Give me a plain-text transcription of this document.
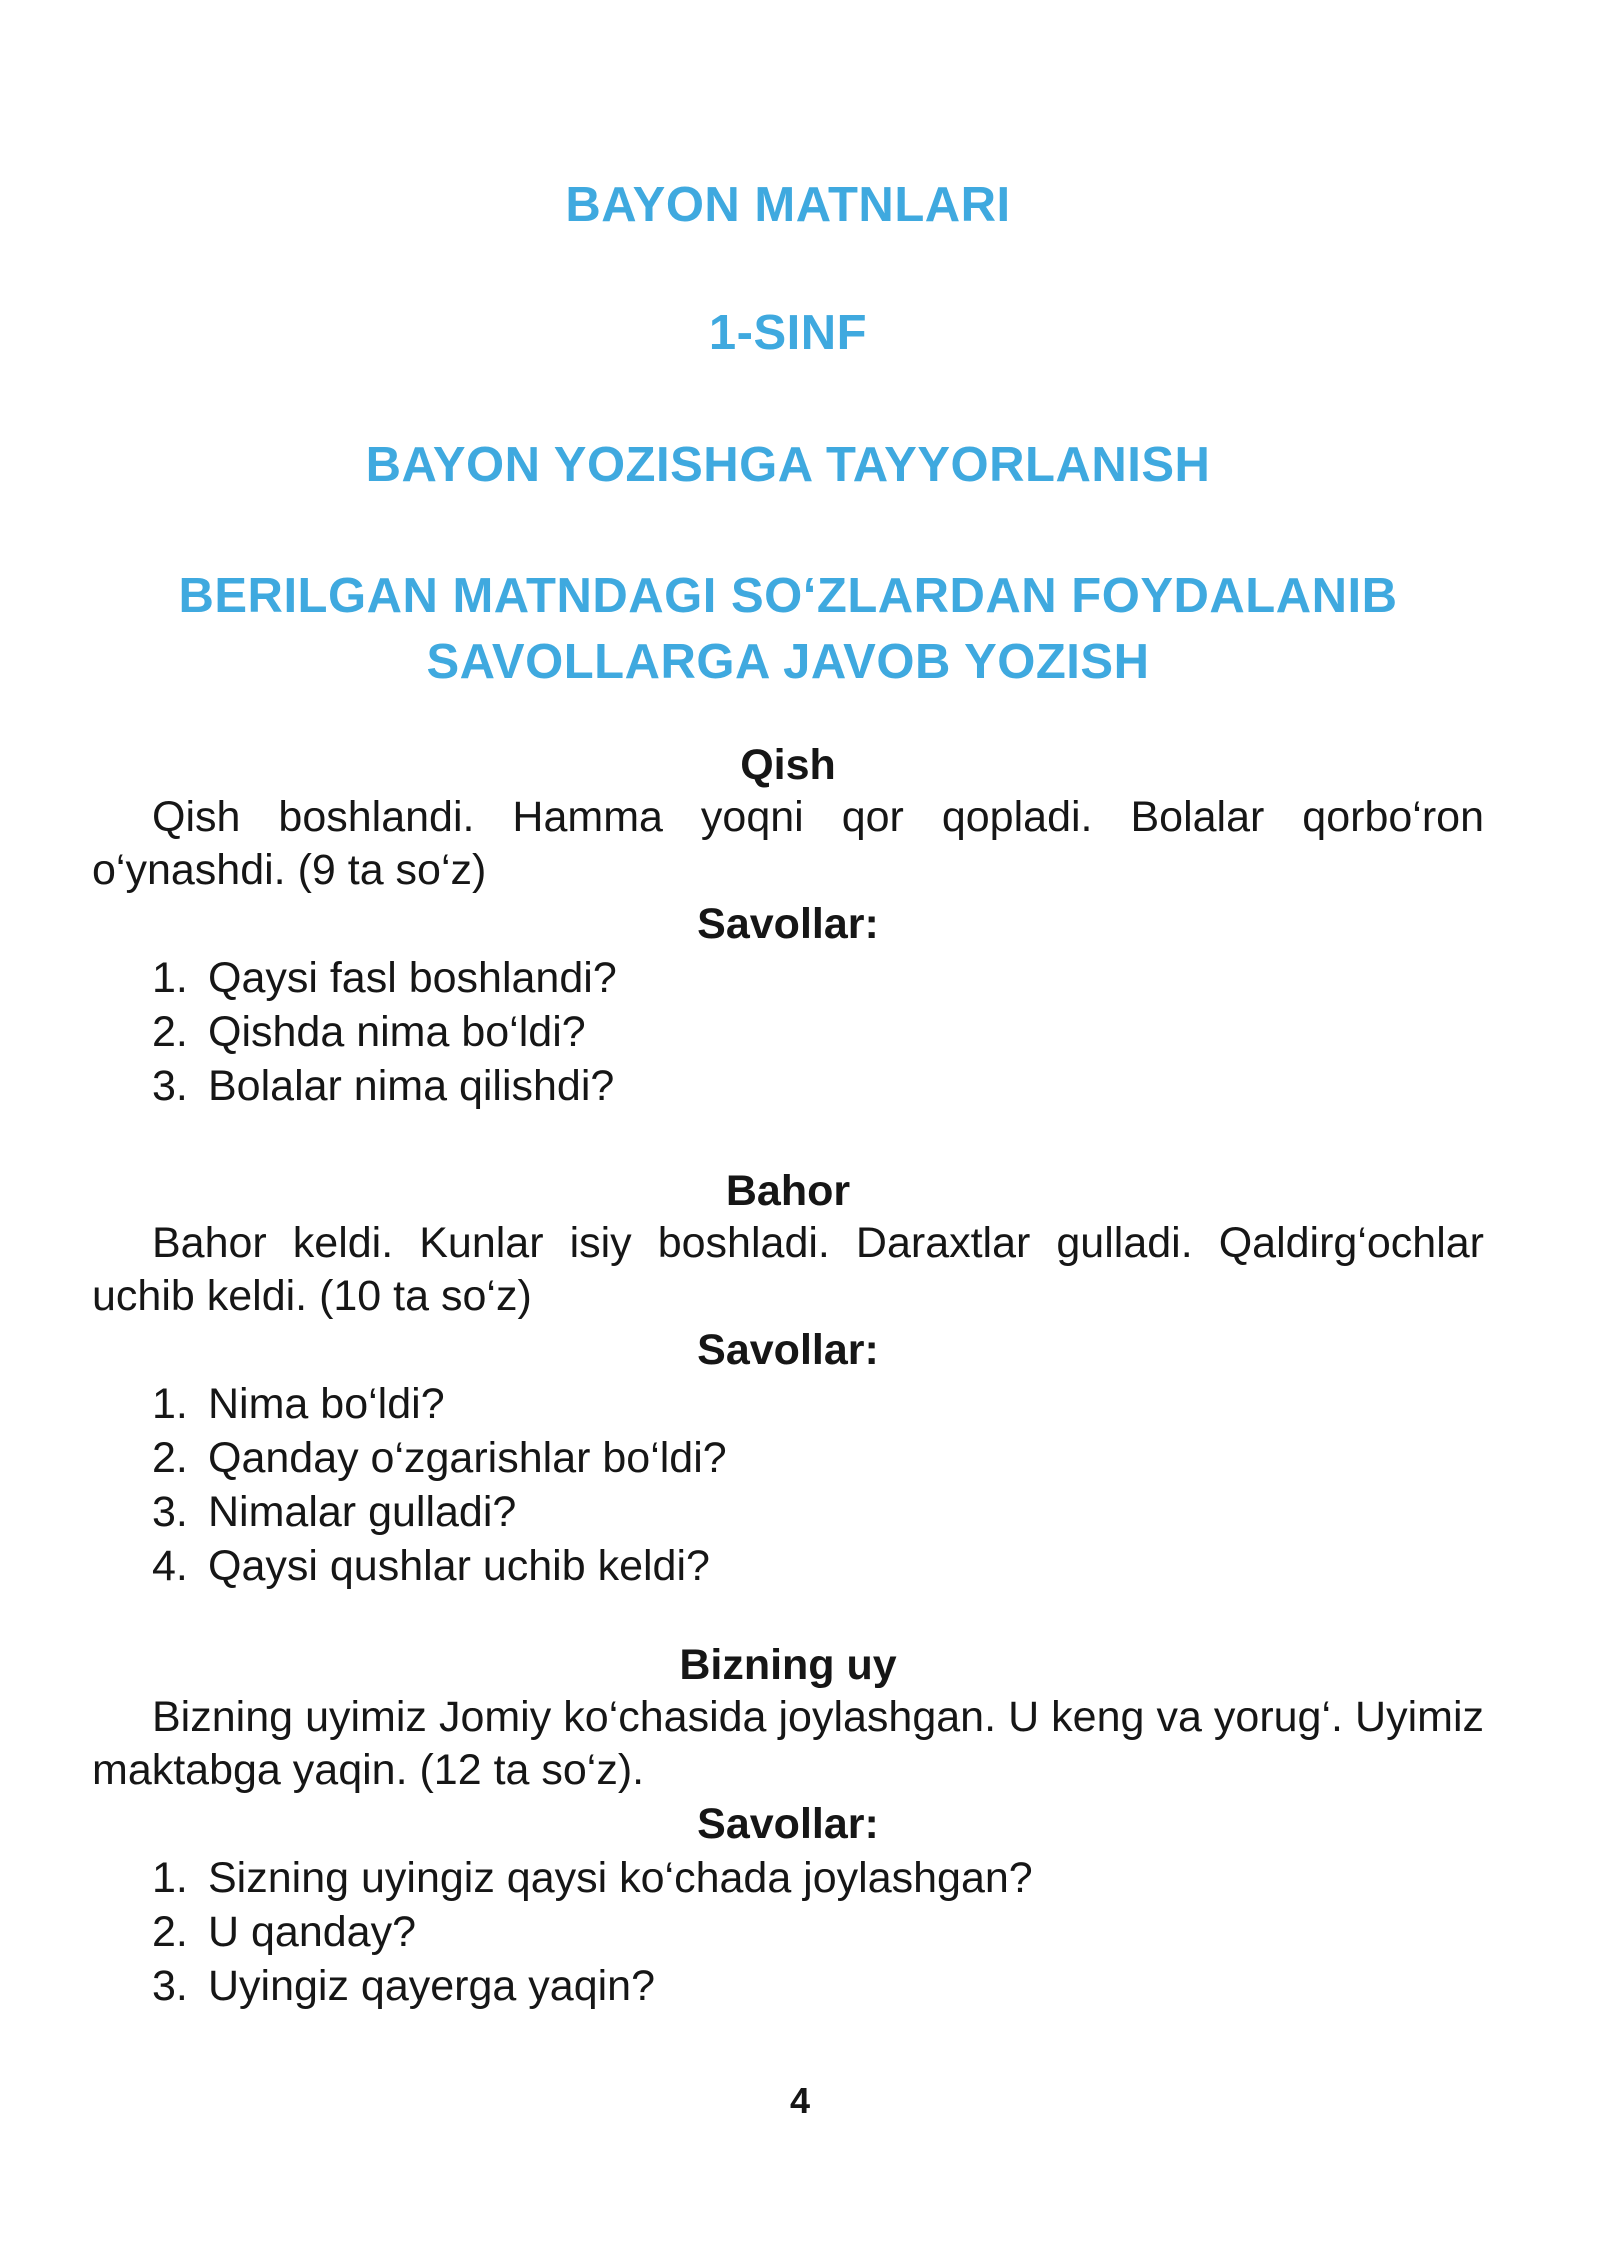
BAYON MATNLARI
1-SINF
BAYON YOZISHGA TAYYORLANISH
BERILGAN MATNDAGI SO‘ZLARDAN FOYDALANIB
SAVOLLARGA JAVOB YOZISH
Qish

Qish boshlandi. Hamma yoqni qor qopladi. Bolalar qorbo‘ron o‘ynashdi. (9 ta so‘z)

Savollar:
1. Qaysi fasl boshlandi?
2. Qishda nima bo‘ldi?
3. Bolalar nima qilishdi?
Bahor

Bahor keldi. Kunlar isiy boshladi. Daraxtlar gulladi. Qaldirg‘ochlar uchib keldi. (10 ta so‘z)

Savollar:
1. Nima bo‘ldi?
2. Qanday o‘zgarishlar bo‘ldi?
3. Nimalar gulladi?
4. Qaysi qushlar uchib keldi?
Bizning uy

Bizning uyimiz Jomiy ko‘chasida joylashgan. U keng va yorug‘. Uyimiz maktabga yaqin. (12 ta so‘z).

Savollar:
1. Sizning uyingiz qaysi ko‘chada joylashgan?
2. U qanday?
3. Uyingiz qayerga yaqin?
4
